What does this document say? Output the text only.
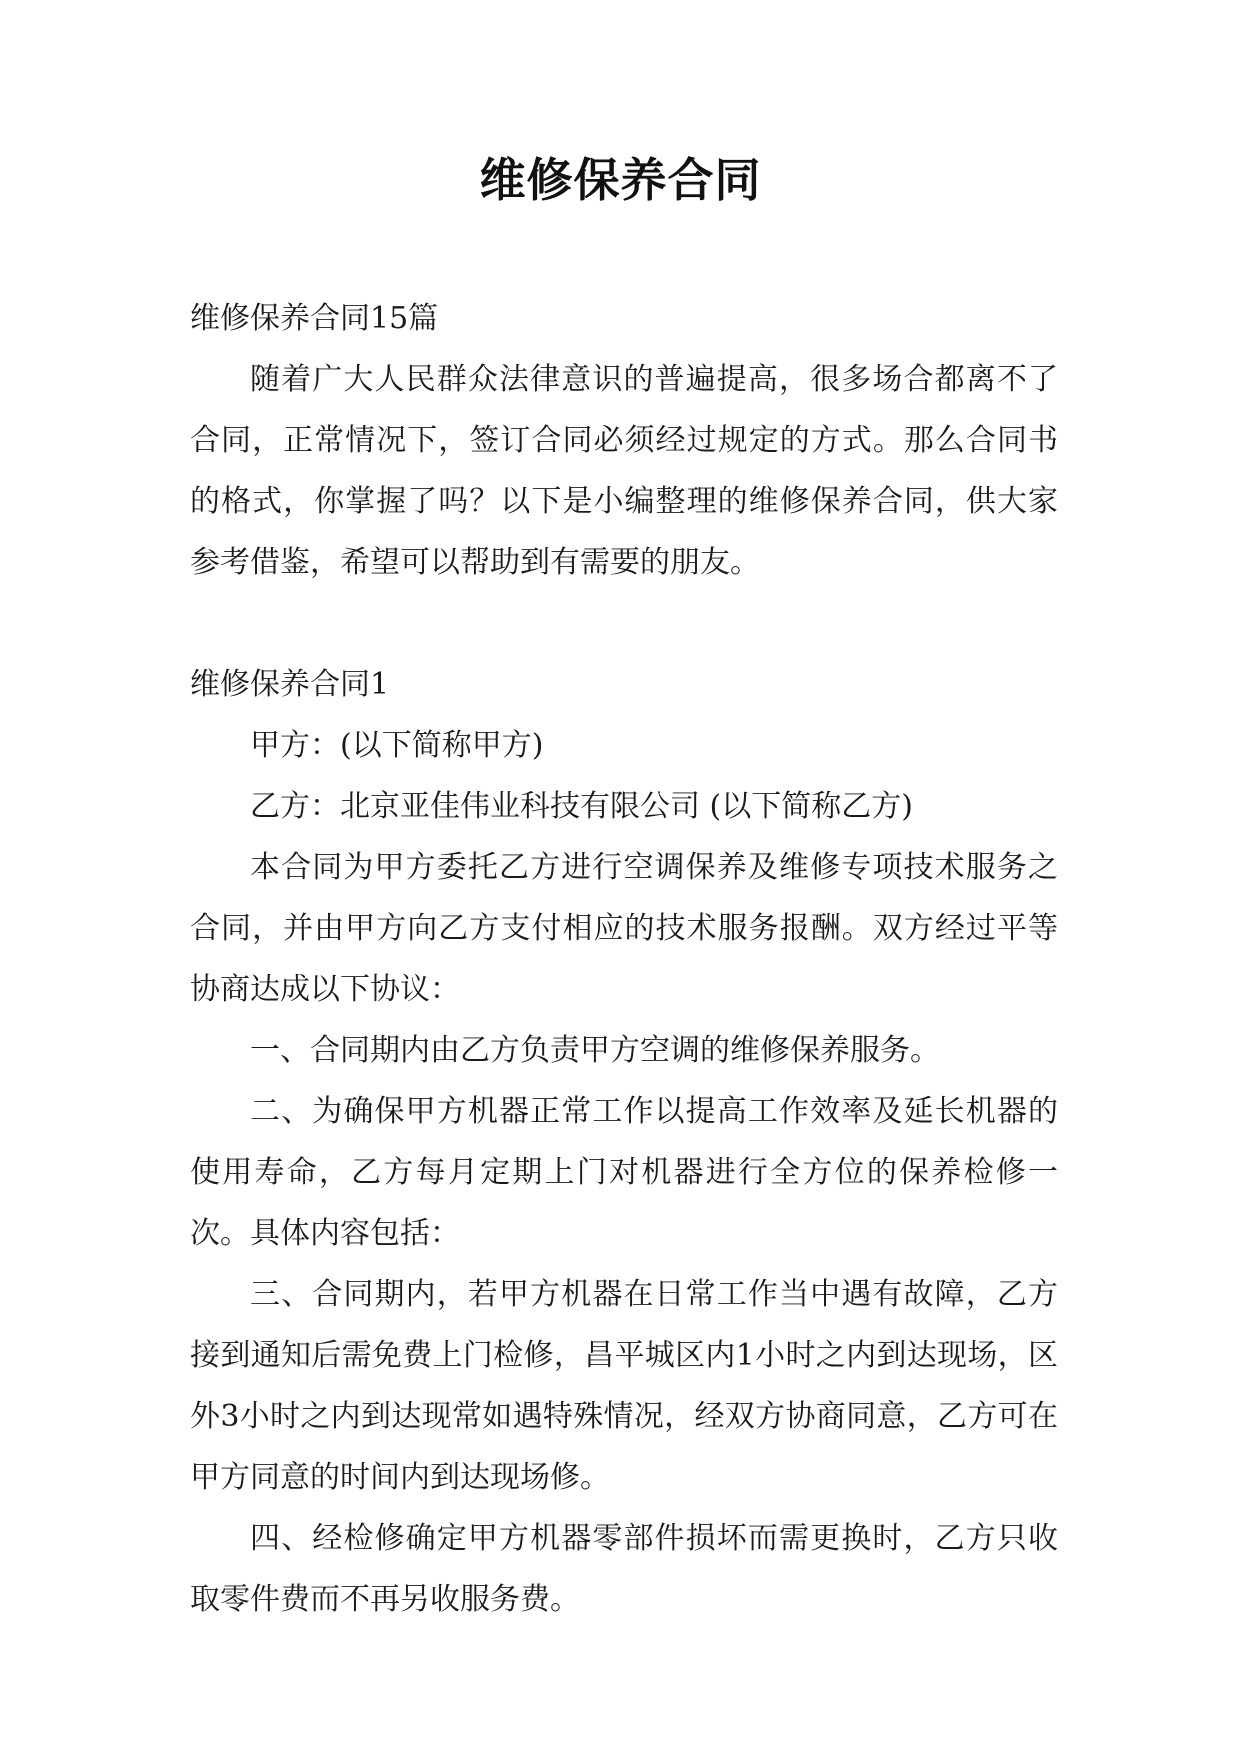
维修保养合同

维修保养合同15篇

随着广大人民群众法律意识的普遍提高，很多场合都离不了合同，正常情况下，签订合同必须经过规定的方式。那么合同书的格式，你掌握了吗？以下是小编整理的维修保养合同，供大家参考借鉴，希望可以帮助到有需要的朋友。

维修保养合同1

甲方：(以下简称甲方)

乙方：北京亚佳伟业科技有限公司 (以下简称乙方)

本合同为甲方委托乙方进行空调保养及维修专项技术服务之合同，并由甲方向乙方支付相应的技术服务报酬。双方经过平等协商达成以下协议：

一、合同期内由乙方负责甲方空调的维修保养服务。

二、为确保甲方机器正常工作以提高工作效率及延长机器的使用寿命，乙方每月定期上门对机器进行全方位的保养检修一次。具体内容包括：

三、合同期内，若甲方机器在日常工作当中遇有故障，乙方接到通知后需免费上门检修，昌平城区内1小时之内到达现场，区外3小时之内到达现常如遇特殊情况，经双方协商同意，乙方可在甲方同意的时间内到达现场修。

四、经检修确定甲方机器零部件损坏而需更换时，乙方只收取零件费而不再另收服务费。
